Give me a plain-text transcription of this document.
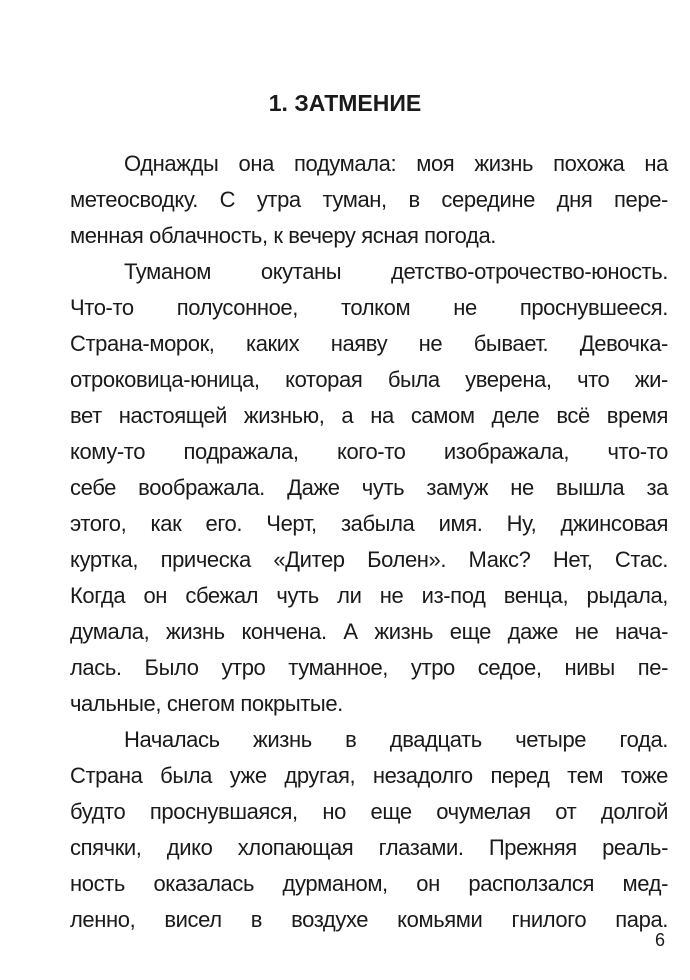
1. ЗАТМЕНИЕ
Однажды она подумала: моя жизнь похожа на
метеосводку. С утра туман, в середине дня пере-
менная облачность, к вечеру ясная погода.
Туманом окутаны детство-отрочество-юность.
Что-то полусонное, толком не проснувшееся.
Страна-морок, каких наяву не бывает. Девочка-
отроковица-юница, которая была уверена, что жи-
вет настоящей жизнью, а на самом деле всё время
кому-то подражала, кого-то изображала, что-то
себе воображала. Даже чуть замуж не вышла за
этого, как его. Черт, забыла имя. Ну, джинсовая
куртка, прическа «Дитер Болен». Макс? Нет, Стас.
Когда он сбежал чуть ли не из-под венца, рыдала,
думала, жизнь кончена. А жизнь еще даже не нача-
лась. Было утро туманное, утро седое, нивы пе-
чальные, снегом покрытые.
Началась жизнь в двадцать четыре года.
Страна была уже другая, незадолго перед тем тоже
будто проснувшаяся, но еще очумелая от долгой
спячки, дико хлопающая глазами. Прежняя реаль-
ность оказалась дурманом, он расползался мед-
ленно, висел в воздухе комьями гнилого пара.
6
